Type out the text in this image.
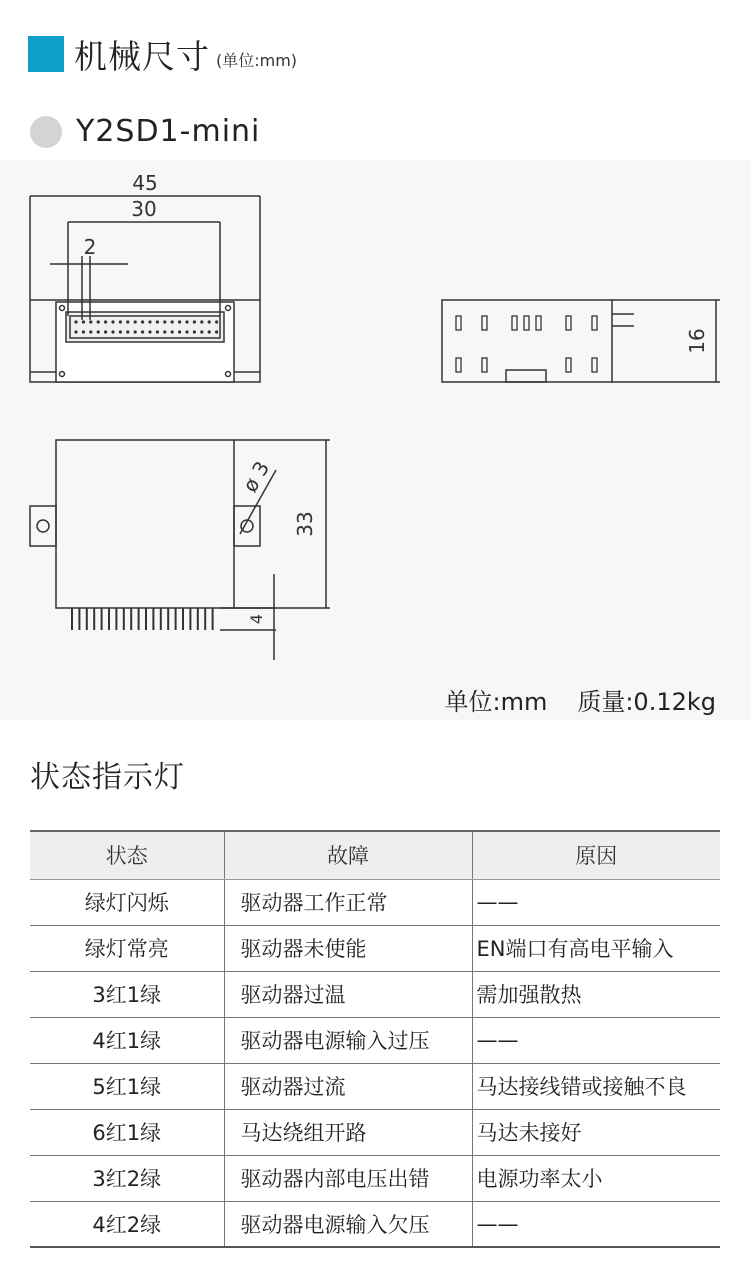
机械尺寸 (单位:mm)
Y2SD1-mini
45
30
2
16
ø 3
33
4
单位:mm 质量:0.12kg
状态指示灯
状态	故障	原因
绿灯闪烁	驱动器工作正常	——
绿灯常亮	驱动器未使能	EN端口有高电平输入
3红1绿	驱动器过温	需加强散热
4红1绿	驱动器电源输入过压	——
5红1绿	驱动器过流	马达接线错或接触不良
6红1绿	马达绕组开路	马达未接好
3红2绿	驱动器内部电压出错	电源功率太小
4红2绿	驱动器电源输入欠压	——
